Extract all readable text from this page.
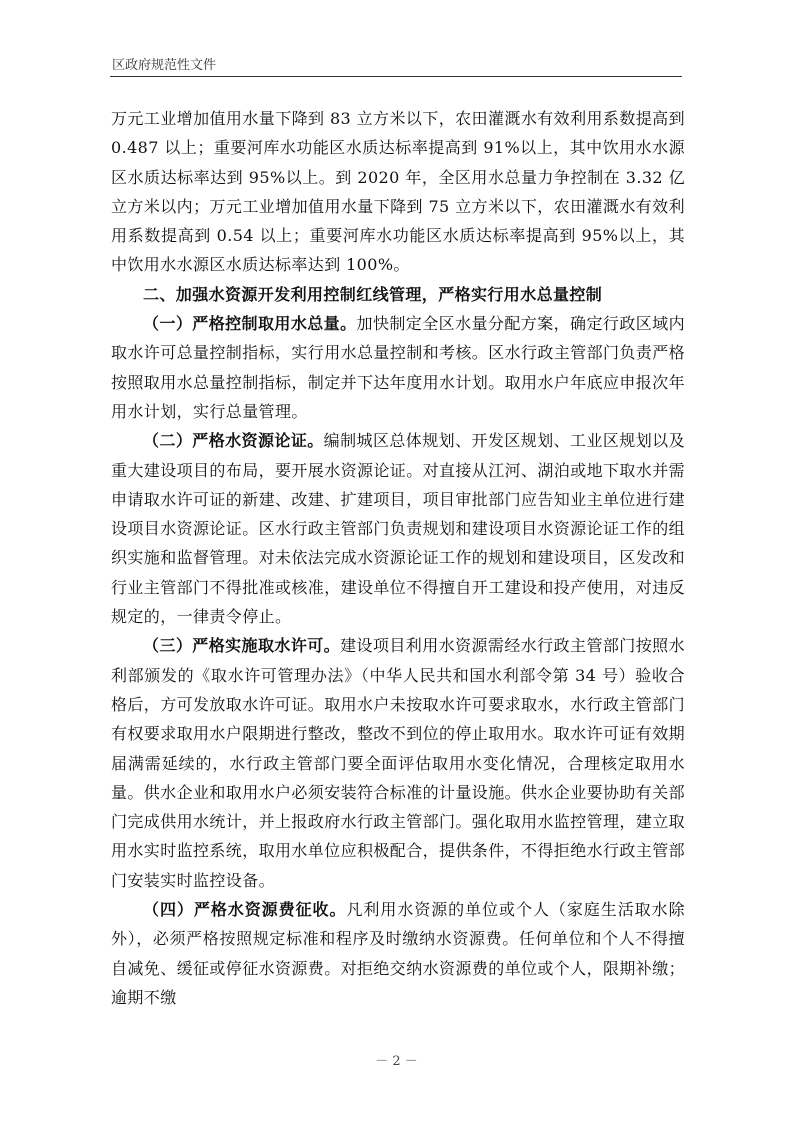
区政府规范性文件

万元工业增加值用水量下降到 83 立方米以下，农田灌溉水有效利用系数提高到 0.487 以上；重要河库水功能区水质达标率提高到 91%以上，其中饮用水水源区水质达标率达到 95%以上。到 2020 年，全区用水总量力争控制在 3.32 亿立方米以内；万元工业增加值用水量下降到 75 立方米以下，农田灌溉水有效利用系数提高到 0.54 以上；重要河库水功能区水质达标率提高到 95%以上，其中饮用水水源区水质达标率达到 100%。

二、加强水资源开发利用控制红线管理，严格实行用水总量控制

（一）严格控制取用水总量。加快制定全区水量分配方案，确定行政区域内取水许可总量控制指标，实行用水总量控制和考核。区水行政主管部门负责严格按照取用水总量控制指标，制定并下达年度用水计划。取用水户年底应申报次年用水计划，实行总量管理。

（二）严格水资源论证。编制城区总体规划、开发区规划、工业区规划以及重大建设项目的布局，要开展水资源论证。对直接从江河、湖泊或地下取水并需申请取水许可证的新建、改建、扩建项目，项目审批部门应告知业主单位进行建设项目水资源论证。区水行政主管部门负责规划和建设项目水资源论证工作的组织实施和监督管理。对未依法完成水资源论证工作的规划和建设项目，区发改和行业主管部门不得批准或核准，建设单位不得擅自开工建设和投产使用，对违反规定的，一律责令停止。

（三）严格实施取水许可。建设项目利用水资源需经水行政主管部门按照水利部颁发的《取水许可管理办法》（中华人民共和国水利部令第 34 号）验收合格后，方可发放取水许可证。取用水户未按取水许可要求取水，水行政主管部门有权要求取用水户限期进行整改，整改不到位的停止取用水。取水许可证有效期届满需延续的，水行政主管部门要全面评估取用水变化情况，合理核定取用水量。供水企业和取用水户必须安装符合标准的计量设施。供水企业要协助有关部门完成供用水统计，并上报政府水行政主管部门。强化取用水监控管理，建立取用水实时监控系统，取用水单位应积极配合，提供条件，不得拒绝水行政主管部门安装实时监控设备。

（四）严格水资源费征收。凡利用水资源的单位或个人（家庭生活取水除外），必须严格按照规定标准和程序及时缴纳水资源费。任何单位和个人不得擅自减免、缓征或停征水资源费。对拒绝交纳水资源费的单位或个人，限期补缴；逾期不缴

－ 2 －
